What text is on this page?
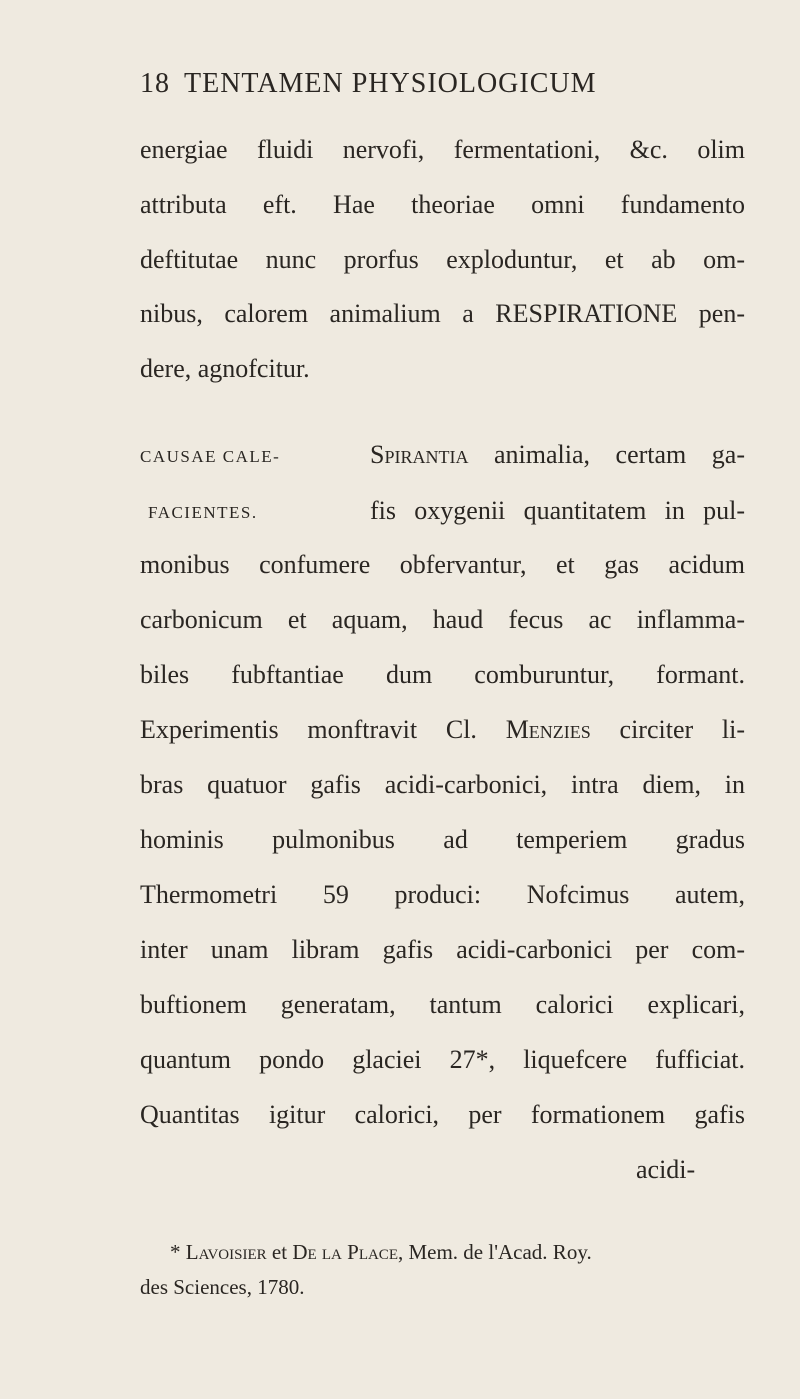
18 TENTAMEN PHYSIOLOGICUM
energiae fluidi nervofi, fermentationi, &c. olim
attributa eft. Hae theoriae omni fundamento
deftitutae nunc prorfus exploduntur, et ab om-
nibus, calorem animalium a RESPIRATIONE pen-
dere, agnofcitur.
CAUSAE CALE-
FACIENTES.
Spirantia animalia, certam ga-
fis oxygenii quantitatem in pul-
monibus confumere obfervantur, et gas acidum
carbonicum et aquam, haud fecus ac inflamma-
biles fubftantiae dum comburuntur, formant.
Experimentis monftravit Cl. Menzies circiter li-
bras quatuor gafis acidi-carbonici, intra diem, in
hominis pulmonibus ad temperiem gradus
Thermometri 59 produci: Nofcimus autem,
inter unam libram gafis acidi-carbonici per com-
buftionem generatam, tantum calorici explicari,
quantum pondo glaciei 27*, liquefcere fufficiat.
Quantitas igitur calorici, per formationem gafis
acidi-
* Lavoisier et De la Place, Mem. de l'Acad. Roy.
des Sciences, 1780.
